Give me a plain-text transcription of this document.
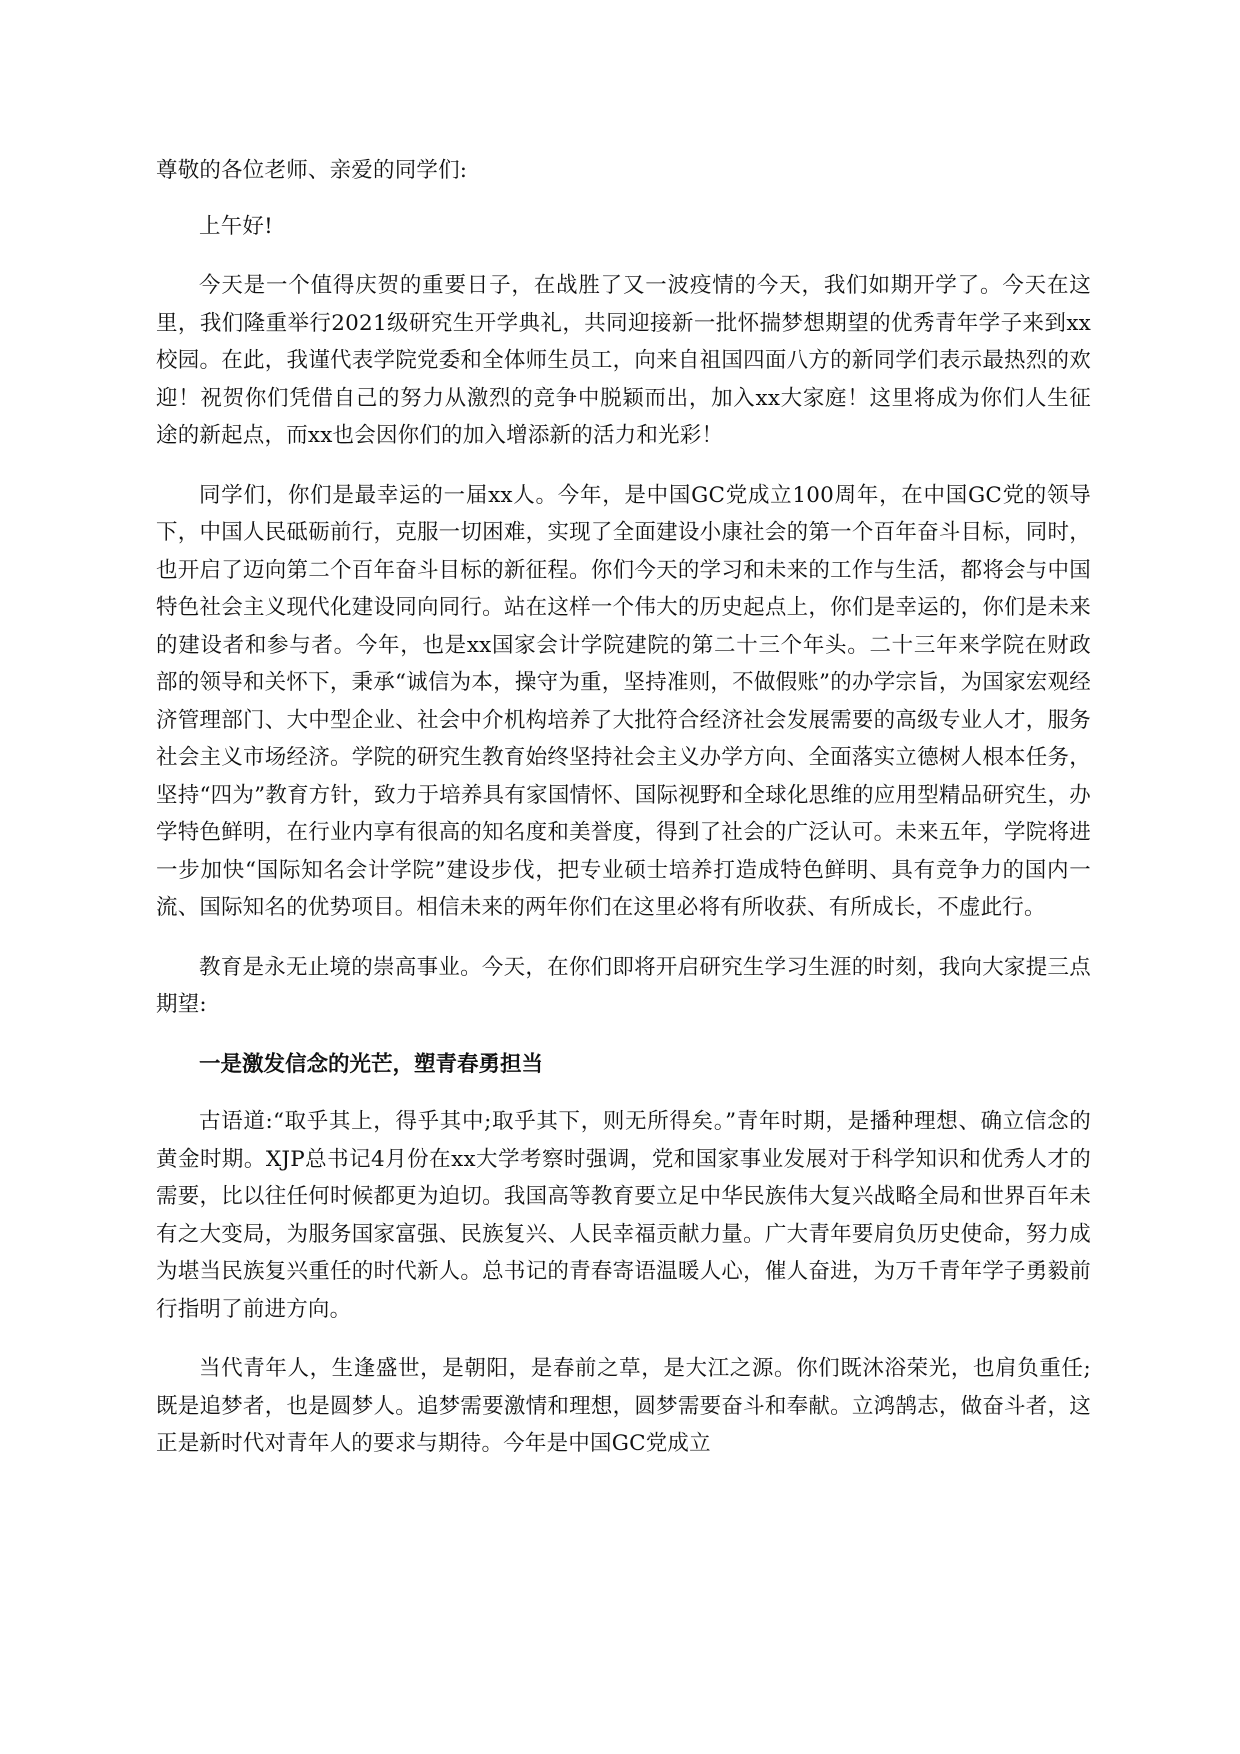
尊敬的各位老师、亲爱的同学们:

上午好!

今天是一个值得庆贺的重要日子，在战胜了又一波疫情的今天，我们如期开学了。今天在这里，我们隆重举行2021级研究生开学典礼，共同迎接新一批怀揣梦想期望的优秀青年学子来到xx校园。在此，我谨代表学院党委和全体师生员工，向来自祖国四面八方的新同学们表示最热烈的欢迎！祝贺你们凭借自己的努力从激烈的竞争中脱颖而出，加入xx大家庭！这里将成为你们人生征途的新起点，而xx也会因你们的加入增添新的活力和光彩！

同学们，你们是最幸运的一届xx人。今年，是中国GC党成立100周年，在中国GC党的领导下，中国人民砥砺前行，克服一切困难，实现了全面建设小康社会的第一个百年奋斗目标，同时，也开启了迈向第二个百年奋斗目标的新征程。你们今天的学习和未来的工作与生活，都将会与中国特色社会主义现代化建设同向同行。站在这样一个伟大的历史起点上，你们是幸运的，你们是未来的建设者和参与者。今年，也是xx国家会计学院建院的第二十三个年头。二十三年来学院在财政部的领导和关怀下，秉承“诚信为本，操守为重，坚持准则，不做假账”的办学宗旨，为国家宏观经济管理部门、大中型企业、社会中介机构培养了大批符合经济社会发展需要的高级专业人才，服务社会主义市场经济。学院的研究生教育始终坚持社会主义办学方向、全面落实立德树人根本任务，坚持“四为”教育方针，致力于培养具有家国情怀、国际视野和全球化思维的应用型精品研究生，办学特色鲜明，在行业内享有很高的知名度和美誉度，得到了社会的广泛认可。未来五年，学院将进一步加快“国际知名会计学院”建设步伐，把专业硕士培养打造成特色鲜明、具有竞争力的国内一流、国际知名的优势项目。相信未来的两年你们在这里必将有所收获、有所成长，不虚此行。

教育是永无止境的崇高事业。今天，在你们即将开启研究生学习生涯的时刻，我向大家提三点期望:

一是激发信念的光芒，塑青春勇担当

古语道:“取乎其上，得乎其中;取乎其下，则无所得矣。”青年时期，是播种理想、确立信念的黄金时期。XJP总书记4月份在xx大学考察时强调，党和国家事业发展对于科学知识和优秀人才的需要，比以往任何时候都更为迫切。我国高等教育要立足中华民族伟大复兴战略全局和世界百年未有之大变局，为服务国家富强、民族复兴、人民幸福贡献力量。广大青年要肩负历史使命，努力成为堪当民族复兴重任的时代新人。总书记的青春寄语温暖人心，催人奋进，为万千青年学子勇毅前行指明了前进方向。

当代青年人，生逢盛世，是朝阳，是春前之草，是大江之源。你们既沐浴荣光，也肩负重任;既是追梦者，也是圆梦人。追梦需要激情和理想，圆梦需要奋斗和奉献。立鸿鹄志，做奋斗者，这正是新时代对青年人的要求与期待。今年是中国GC党成立
